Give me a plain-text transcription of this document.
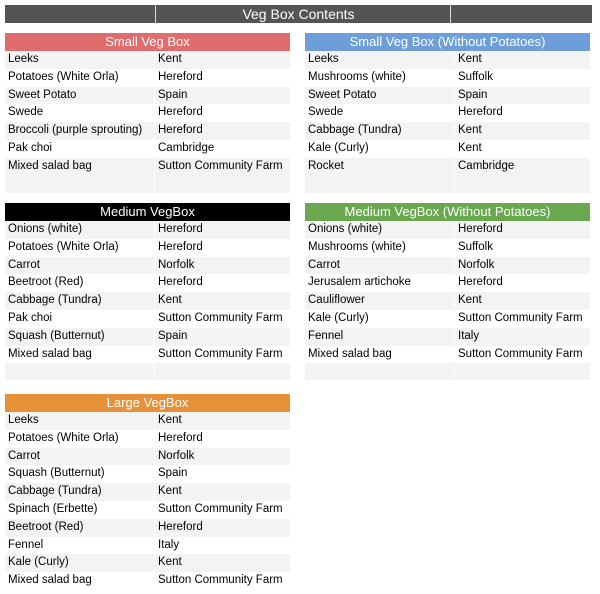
Veg Box Contents
Small Veg Box
Leeks	Kent
Potatoes (White Orla)	Hereford
Sweet Potato	Spain
Swede	Hereford
Broccoli (purple sprouting)	Hereford
Pak choi	Cambridge
Mixed salad bag	Sutton Community Farm
Small Veg Box (Without Potatoes)
Leeks	Kent
Mushrooms (white)	Suffolk
Sweet Potato	Spain
Swede	Hereford
Cabbage (Tundra)	Kent
Kale (Curly)	Kent
Rocket	Cambridge
Medium VegBox
Onions (white)	Hereford
Potatoes (White Orla)	Hereford
Carrot	Norfolk
Beetroot (Red)	Hereford
Cabbage (Tundra)	Kent
Pak choi	Sutton Community Farm
Squash (Butternut)	Spain
Mixed salad bag	Sutton Community Farm
Medium VegBox (Without Potatoes)
Onions (white)	Hereford
Mushrooms (white)	Suffolk
Carrot	Norfolk
Jerusalem artichoke	Hereford
Cauliflower	Kent
Kale (Curly)	Sutton Community Farm
Fennel	Italy
Mixed salad bag	Sutton Community Farm
Large VegBox
Leeks	Kent
Potatoes (White Orla)	Hereford
Carrot	Norfolk
Squash (Butternut)	Spain
Cabbage (Tundra)	Kent
Spinach (Erbette)	Sutton Community Farm
Beetroot (Red)	Hereford
Fennel	Italy
Kale (Curly)	Kent
Mixed salad bag	Sutton Community Farm
